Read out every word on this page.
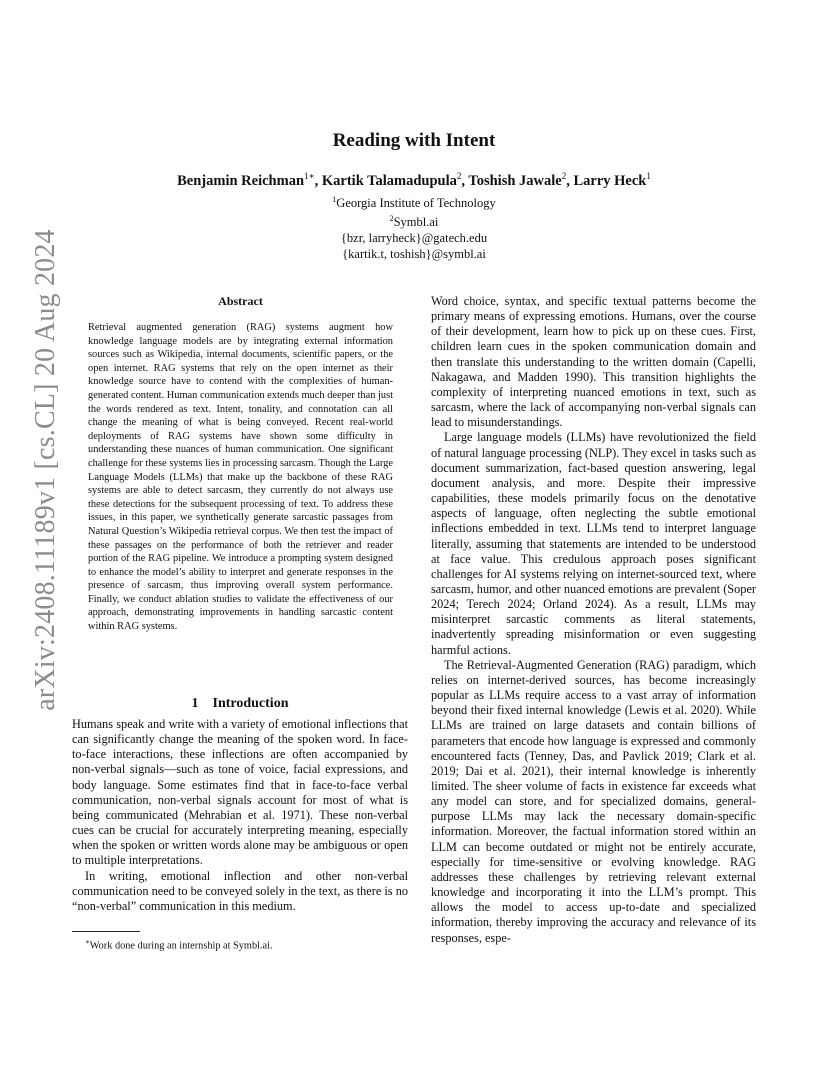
arXiv:2408.11189v1 [cs.CL] 20 Aug 2024
Reading with Intent
Benjamin Reichman$^{1∗}$, Kartik Talamadupula$^2$, Toshish Jawale$^2$, Larry Heck$^1$
$^1$Georgia Institute of Technology
$^2$Symbl.ai
{bzr, larryheck}@gatech.edu
{kartik.t, toshish}@symbl.ai
Abstract
Retrieval augmented generation (RAG) systems augment how knowledge language models are by integrating external information sources such as Wikipedia, internal documents, scientific papers, or the open internet. RAG systems that rely on the open internet as their knowledge source have to contend with the complexities of human-generated content. Human communication extends much deeper than just the words rendered as text. Intent, tonality, and connotation can all change the meaning of what is being conveyed. Recent real-world deployments of RAG systems have shown some difficulty in understanding these nuances of human communication. One significant challenge for these systems lies in processing sarcasm. Though the Large Language Models (LLMs) that make up the backbone of these RAG systems are able to detect sarcasm, they currently do not always use these detections for the subsequent processing of text. To address these issues, in this paper, we synthetically generate sarcastic passages from Natural Question’s Wikipedia retrieval corpus. We then test the impact of these passages on the performance of both the retriever and reader portion of the RAG pipeline. We introduce a prompting system designed to enhance the model’s ability to interpret and generate responses in the presence of sarcasm, thus improving overall system performance. Finally, we conduct ablation studies to validate the effectiveness of our approach, demonstrating improvements in handling sarcastic content within RAG systems.
1 Introduction

Humans speak and write with a variety of emotional inflections that can significantly change the meaning of the spoken word. In face-to-face interactions, these inflections are often accompanied by non-verbal signals—such as tone of voice, facial expressions, and body language. Some estimates find that in face-to-face verbal communication, non-verbal signals account for most of what is being communicated (Mehrabian et al. 1971). These non-verbal cues can be crucial for accurately interpreting meaning, especially when the spoken or written words alone may be ambiguous or open to multiple interpretations.

In writing, emotional inflection and other non-verbal communication need to be conveyed solely in the text, as there is no “non-verbal” communication in this medium.

∗Work done during an internship at Symbl.ai.

Word choice, syntax, and specific textual patterns become the primary means of expressing emotions. Humans, over the course of their development, learn how to pick up on these cues. First, children learn cues in the spoken communication domain and then translate this understanding to the written domain (Capelli, Nakagawa, and Madden 1990). This transition highlights the complexity of interpreting nuanced emotions in text, such as sarcasm, where the lack of accompanying non-verbal signals can lead to misunderstandings.

Large language models (LLMs) have revolutionized the field of natural language processing (NLP). They excel in tasks such as document summarization, fact-based question answering, legal document analysis, and more. Despite their impressive capabilities, these models primarily focus on the denotative aspects of language, often neglecting the subtle emotional inflections embedded in text. LLMs tend to interpret language literally, assuming that statements are intended to be understood at face value. This credulous approach poses significant challenges for AI systems relying on internet-sourced text, where sarcasm, humor, and other nuanced emotions are prevalent (Soper 2024; Terech 2024; Orland 2024). As a result, LLMs may misinterpret sarcastic comments as literal statements, inadvertently spreading misinformation or even suggesting harmful actions.

The Retrieval-Augmented Generation (RAG) paradigm, which relies on internet-derived sources, has become increasingly popular as LLMs require access to a vast array of information beyond their fixed internal knowledge (Lewis et al. 2020). While LLMs are trained on large datasets and contain billions of parameters that encode how language is expressed and commonly encountered facts (Tenney, Das, and Pavlick 2019; Clark et al. 2019; Dai et al. 2021), their internal knowledge is inherently limited. The sheer volume of facts in existence far exceeds what any model can store, and for specialized domains, general-purpose LLMs may lack the necessary domain-specific information. Moreover, the factual information stored within an LLM can become outdated or might not be entirely accurate, especially for time-sensitive or evolving knowledge. RAG addresses these challenges by retrieving relevant external knowledge and incorporating it into the LLM’s prompt. This allows the model to access up-to-date and specialized information, thereby improving the accuracy and relevance of its responses, espe-
